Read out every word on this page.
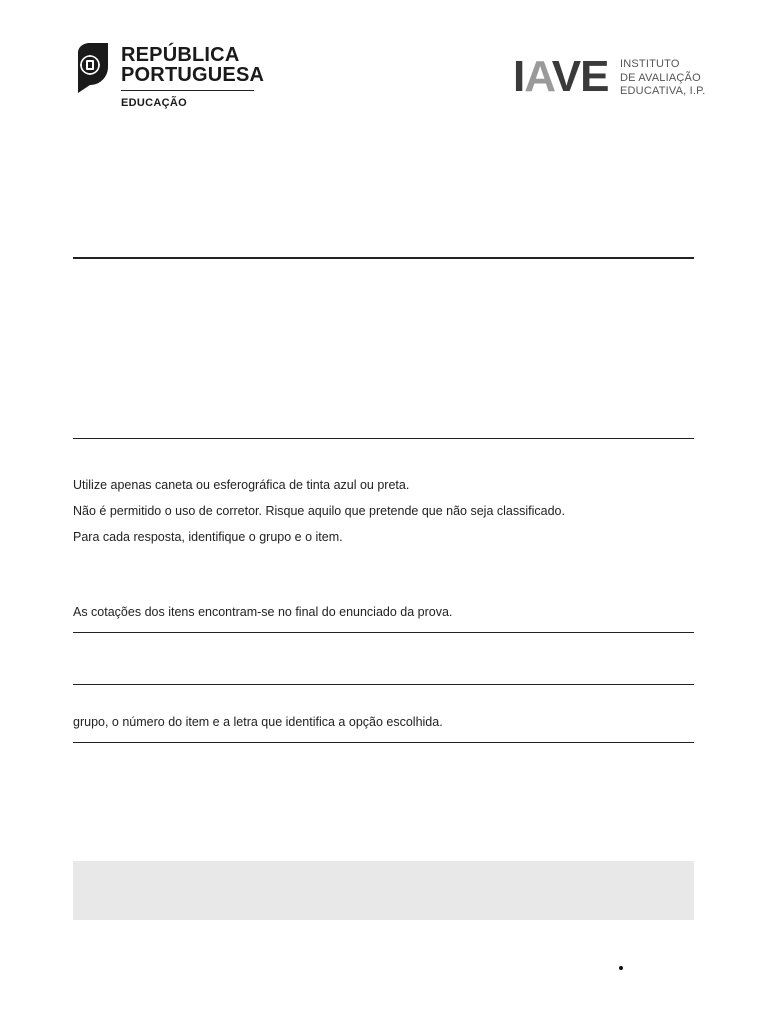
REPÚBLICA
PORTUGUESA
EDUCAÇÃO
IAVE INSTITUTO
DE AVALIAÇÃO
EDUCATIVA, I.P.
Utilize apenas caneta ou esferográfica de tinta azul ou preta.
Não é permitido o uso de corretor. Risque aquilo que pretende que não seja classificado.
Para cada resposta, identifique o grupo e o item.
As cotações dos itens encontram-se no final do enunciado da prova.
grupo, o número do item e a letra que identifica a opção escolhida.
